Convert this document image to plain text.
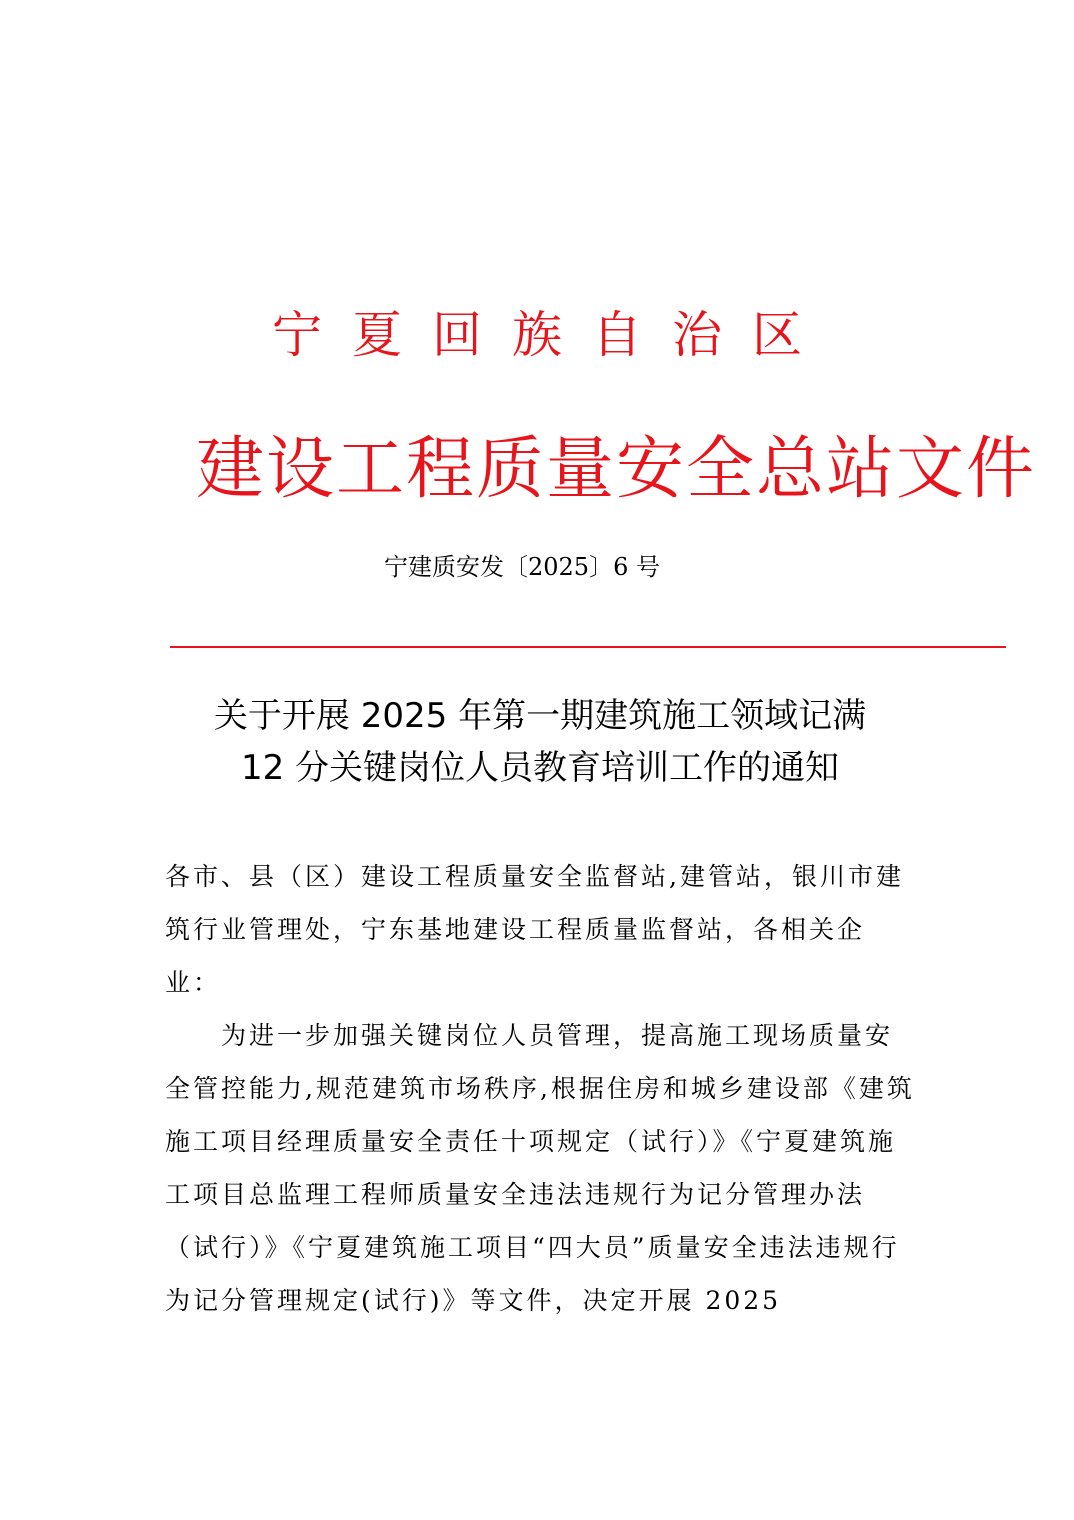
宁夏回族自治区
建设工程质量安全总站文件
宁建质安发〔2025〕6 号
关于开展 2025 年第一期建筑施工领域记满
12 分关键岗位人员教育培训工作的通知

各市、县（区）建设工程质量安全监督站,建管站，银川市建筑行业管理处，宁东基地建设工程质量监督站，各相关企业：

为进一步加强关键岗位人员管理，提高施工现场质量安全管控能力,规范建筑市场秩序,根据住房和城乡建设部《建筑施工项目经理质量安全责任十项规定（试行）》《宁夏建筑施工项目总监理工程师质量安全违法违规行为记分管理办法（试行）》《宁夏建筑施工项目“四大员”质量安全违法违规行为记分管理规定(试行)》等文件，决定开展 2025
